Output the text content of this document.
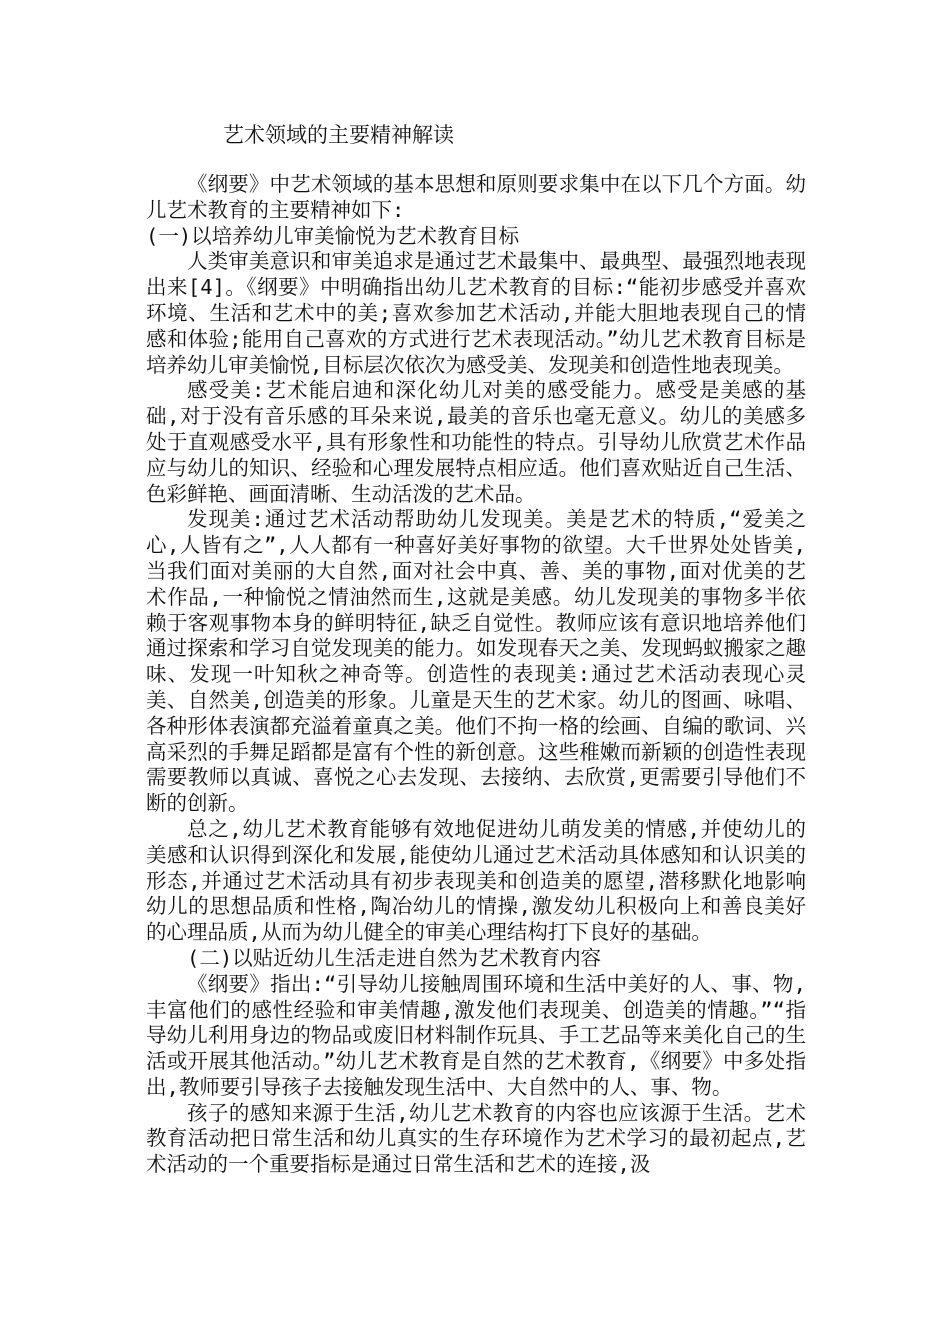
艺术领域的主要精神解读

《纲要》中艺术领域的基本思想和原则要求集中在以下几个方面。幼儿艺术教育的主要精神如下:

(一)以培养幼儿审美愉悦为艺术教育目标

人类审美意识和审美追求是通过艺术最集中、最典型、最强烈地表现出来[4]。《纲要》中明确指出幼儿艺术教育的目标:“能初步感受并喜欢环境、生活和艺术中的美;喜欢参加艺术活动,并能大胆地表现自己的情感和体验;能用自己喜欢的方式进行艺术表现活动。”幼儿艺术教育目标是培养幼儿审美愉悦,目标层次依次为感受美、发现美和创造性地表现美。

感受美:艺术能启迪和深化幼儿对美的感受能力。感受是美感的基础,对于没有音乐感的耳朵来说,最美的音乐也毫无意义。幼儿的美感多处于直观感受水平,具有形象性和功能性的特点。引导幼儿欣赏艺术作品应与幼儿的知识、经验和心理发展特点相应适。他们喜欢贴近自己生活、色彩鲜艳、画面清晰、生动活泼的艺术品。

发现美:通过艺术活动帮助幼儿发现美。美是艺术的特质,“爱美之心,人皆有之”,人人都有一种喜好美好事物的欲望。大千世界处处皆美,当我们面对美丽的大自然,面对社会中真、善、美的事物,面对优美的艺术作品,一种愉悦之情油然而生,这就是美感。幼儿发现美的事物多半依赖于客观事物本身的鲜明特征,缺乏自觉性。教师应该有意识地培养他们通过探索和学习自觉发现美的能力。如发现春天之美、发现蚂蚁搬家之趣味、发现一叶知秋之神奇等。创造性的表现美:通过艺术活动表现心灵美、自然美,创造美的形象。儿童是天生的艺术家。幼儿的图画、咏唱、各种形体表演都充溢着童真之美。他们不拘一格的绘画、自编的歌词、兴高采烈的手舞足蹈都是富有个性的新创意。这些稚嫩而新颖的创造性表现需要教师以真诚、喜悦之心去发现、去接纳、去欣赏,更需要引导他们不断的创新。

总之,幼儿艺术教育能够有效地促进幼儿萌发美的情感,并使幼儿的美感和认识得到深化和发展,能使幼儿通过艺术活动具体感知和认识美的形态,并通过艺术活动具有初步表现美和创造美的愿望,潜移默化地影响幼儿的思想品质和性格,陶冶幼儿的情操,激发幼儿积极向上和善良美好的心理品质,从而为幼儿健全的审美心理结构打下良好的基础。

(二)以贴近幼儿生活走进自然为艺术教育内容

《纲要》指出:“引导幼儿接触周围环境和生活中美好的人、事、物,丰富他们的感性经验和审美情趣,激发他们表现美、创造美的情趣。”“指导幼儿利用身边的物品或废旧材料制作玩具、手工艺品等来美化自己的生活或开展其他活动。”幼儿艺术教育是自然的艺术教育,《纲要》中多处指出,教师要引导孩子去接触发现生活中、大自然中的人、事、物。

孩子的感知来源于生活,幼儿艺术教育的内容也应该源于生活。艺术教育活动把日常生活和幼儿真实的生存环境作为艺术学习的最初起点,艺术活动的一个重要指标是通过日常生活和艺术的连接,汲
